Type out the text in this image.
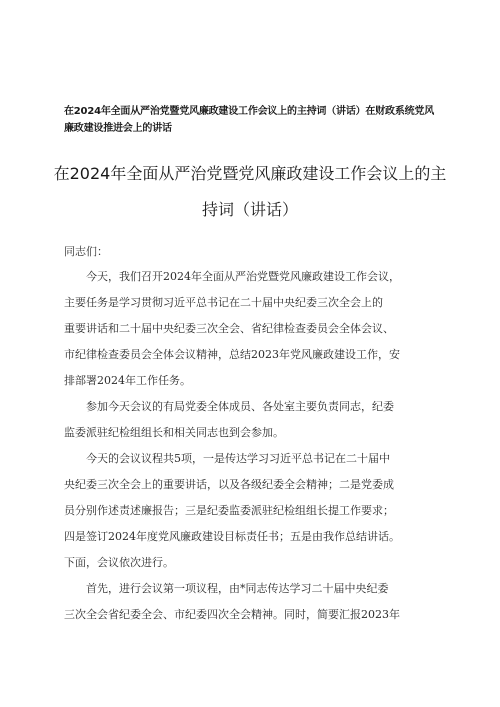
在2024年全面从严治党暨党风廉政建设工作会议上的主持词（讲话）在财政系统党风
廉政建设推进会上的讲话
在2024年全面从严治党暨党风廉政建设工作会议上的主
持词（讲话）
同志们：
今天，我们召开2024年全面从严治党暨党风廉政建设工作会议，
主要任务是学习贯彻习近平总书记在二十届中央纪委三次全会上的
重要讲话和二十届中央纪委三次全会、省纪律检查委员会全体会议、
市纪律检查委员会全体会议精神，总结2023年党风廉政建设工作，安
排部署2024年工作任务。
参加今天会议的有局党委全体成员、各处室主要负责同志，纪委
监委派驻纪检组组长和相关同志也到会参加。
今天的会议议程共5项，一是传达学习习近平总书记在二十届中
央纪委三次全会上的重要讲话，以及各级纪委全会精神；二是党委成
员分别作述责述廉报告；三是纪委监委派驻纪检组组长提工作要求；
四是签订2024年度党风廉政建设目标责任书；五是由我作总结讲话。
下面，会议依次进行。
首先，进行会议第一项议程，由*同志传达学习二十届中央纪委
三次全会省纪委全会、市纪委四次全会精神。同时，简要汇报2023年
